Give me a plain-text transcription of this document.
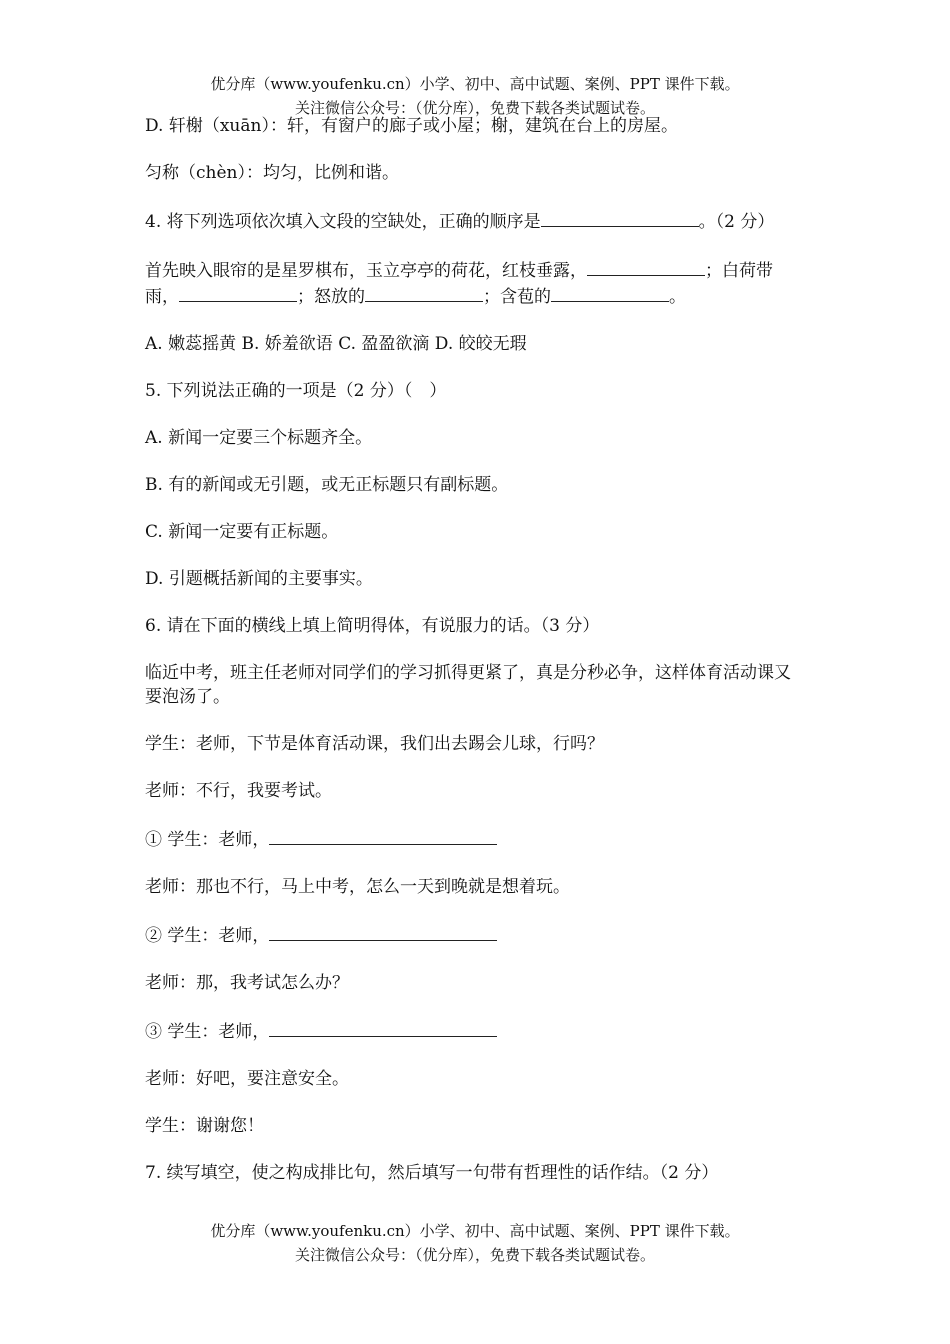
优分库（www.youfenku.cn）小学、初中、高中试题、案例、PPT 课件下载。
关注微信公众号：（优分库），免费下载各类试题试卷。

D. 轩榭（xuān）：轩，有窗户的廊子或小屋；榭，建筑在台上的房屋。

匀称（chèn）：均匀，比例和谐。

4. 将下列选项依次填入文段的空缺处，正确的顺序是	。（2 分）

首先映入眼帘的是星罗棋布，玉立亭亭的荷花，红枝垂露，	；白荷带雨，	；怒放的	；含苞的	。

A. 嫩蕊摇黄 B. 娇羞欲语 C. 盈盈欲滴 D. 皎皎无瑕

5. 下列说法正确的一项是（2 分）（　）

A. 新闻一定要三个标题齐全。

B. 有的新闻或无引题，或无正标题只有副标题。

C. 新闻一定要有正标题。

D. 引题概括新闻的主要事实。

6. 请在下面的横线上填上简明得体，有说服力的话。（3 分）

临近中考，班主任老师对同学们的学习抓得更紧了，真是分秒必争，这样体育活动课又要泡汤了。

学生：老师，下节是体育活动课，我们出去踢会儿球，行吗？

老师：不行，我要考试。

① 学生：老师，

老师：那也不行，马上中考，怎么一天到晚就是想着玩。

② 学生：老师，

老师：那，我考试怎么办？

③ 学生：老师，

老师：好吧，要注意安全。

学生：谢谢您！

7. 续写填空，使之构成排比句，然后填写一句带有哲理性的话作结。（2 分）

优分库（www.youfenku.cn）小学、初中、高中试题、案例、PPT 课件下载。
关注微信公众号：（优分库），免费下载各类试题试卷。
